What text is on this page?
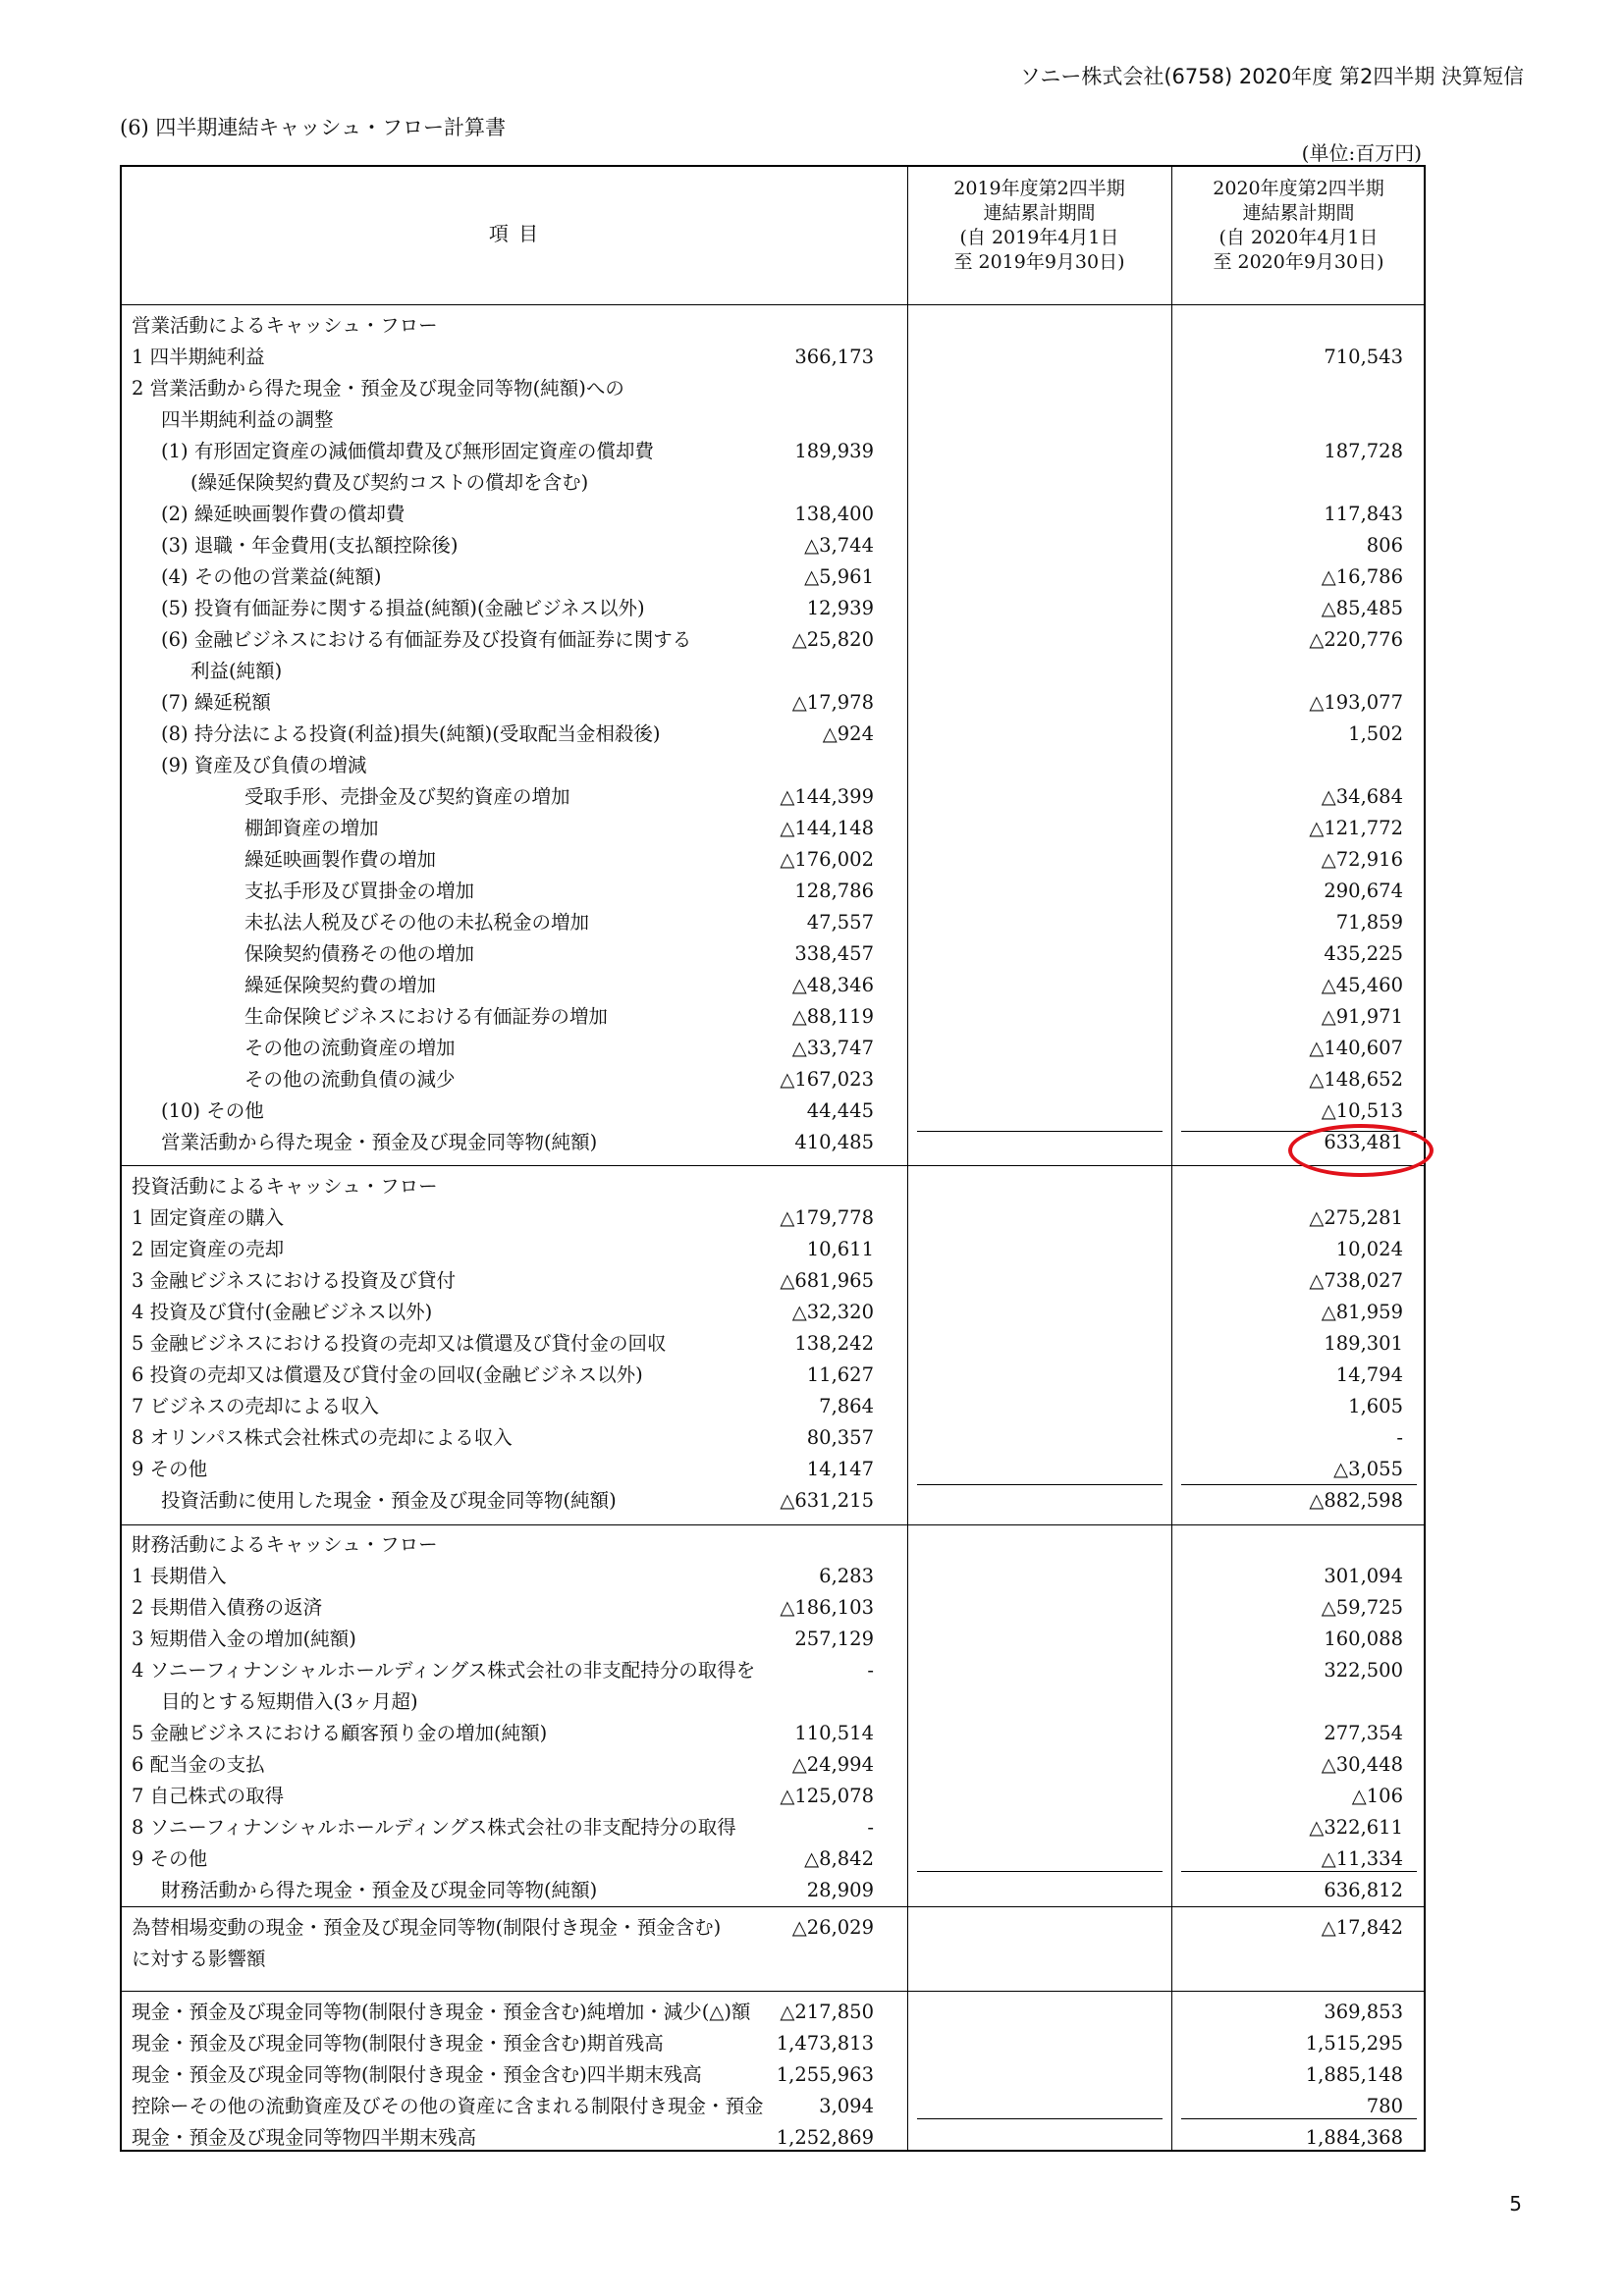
ソニー株式会社(6758) 2020年度 第2四半期 決算短信
(6) 四半期連結キャッシュ・フロー計算書
(単位:百万円)
項 目
2019年度第2四半期
連結累計期間
(自 2019年4月1日
至 2019年9月30日)
2020年度第2四半期
連結累計期間
(自 2020年4月1日
至 2020年9月30日)
営業活動によるキャッシュ・フロー
1 四半期純利益	366,173	710,543
2 営業活動から得た現金・預金及び現金同等物(純額)への
四半期純利益の調整
(1) 有形固定資産の減価償却費及び無形固定資産の償却費	189,939	187,728
(繰延保険契約費及び契約コストの償却を含む)
(2) 繰延映画製作費の償却費	138,400	117,843
(3) 退職・年金費用(支払額控除後)	△3,744	806
(4) その他の営業益(純額)	△5,961	△16,786
(5) 投資有価証券に関する損益(純額)(金融ビジネス以外)	12,939	△85,485
(6) 金融ビジネスにおける有価証券及び投資有価証券に関する	△25,820	△220,776
利益(純額)
(7) 繰延税額	△17,978	△193,077
(8) 持分法による投資(利益)損失(純額)(受取配当金相殺後)	△924	1,502
(9) 資産及び負債の増減
受取手形、売掛金及び契約資産の増加	△144,399	△34,684
棚卸資産の増加	△144,148	△121,772
繰延映画製作費の増加	△176,002	△72,916
支払手形及び買掛金の増加	128,786	290,674
未払法人税及びその他の未払税金の増加	47,557	71,859
保険契約債務その他の増加	338,457	435,225
繰延保険契約費の増加	△48,346	△45,460
生命保険ビジネスにおける有価証券の増加	△88,119	△91,971
その他の流動資産の増加	△33,747	△140,607
その他の流動負債の減少	△167,023	△148,652
(10) その他	44,445	△10,513
営業活動から得た現金・預金及び現金同等物(純額)	410,485	633,481
投資活動によるキャッシュ・フロー
1 固定資産の購入	△179,778	△275,281
2 固定資産の売却	10,611	10,024
3 金融ビジネスにおける投資及び貸付	△681,965	△738,027
4 投資及び貸付(金融ビジネス以外)	△32,320	△81,959
5 金融ビジネスにおける投資の売却又は償還及び貸付金の回収	138,242	189,301
6 投資の売却又は償還及び貸付金の回収(金融ビジネス以外)	11,627	14,794
7 ビジネスの売却による収入	7,864	1,605
8 オリンパス株式会社株式の売却による収入	80,357	-
9 その他	14,147	△3,055
投資活動に使用した現金・預金及び現金同等物(純額)	△631,215	△882,598
財務活動によるキャッシュ・フロー
1 長期借入	6,283	301,094
2 長期借入債務の返済	△186,103	△59,725
3 短期借入金の増加(純額)	257,129	160,088
4 ソニーフィナンシャルホールディングス株式会社の非支配持分の取得を	-	322,500
目的とする短期借入(3ヶ月超)
5 金融ビジネスにおける顧客預り金の増加(純額)	110,514	277,354
6 配当金の支払	△24,994	△30,448
7 自己株式の取得	△125,078	△106
8 ソニーフィナンシャルホールディングス株式会社の非支配持分の取得	-	△322,611
9 その他	△8,842	△11,334
財務活動から得た現金・預金及び現金同等物(純額)	28,909	636,812
為替相場変動の現金・預金及び現金同等物(制限付き現金・預金含む)	△26,029	△17,842
に対する影響額
現金・預金及び現金同等物(制限付き現金・預金含む)純増加・減少(△)額 △217,850	369,853
現金・預金及び現金同等物(制限付き現金・預金含む)期首残高	1,473,813	1,515,295
現金・預金及び現金同等物(制限付き現金・預金含む)四半期末残高	1,255,963	1,885,148
控除ーその他の流動資産及びその他の資産に含まれる制限付き現金・預金	3,094	780
現金・預金及び現金同等物四半期末残高	1,252,869	1,884,368
5
